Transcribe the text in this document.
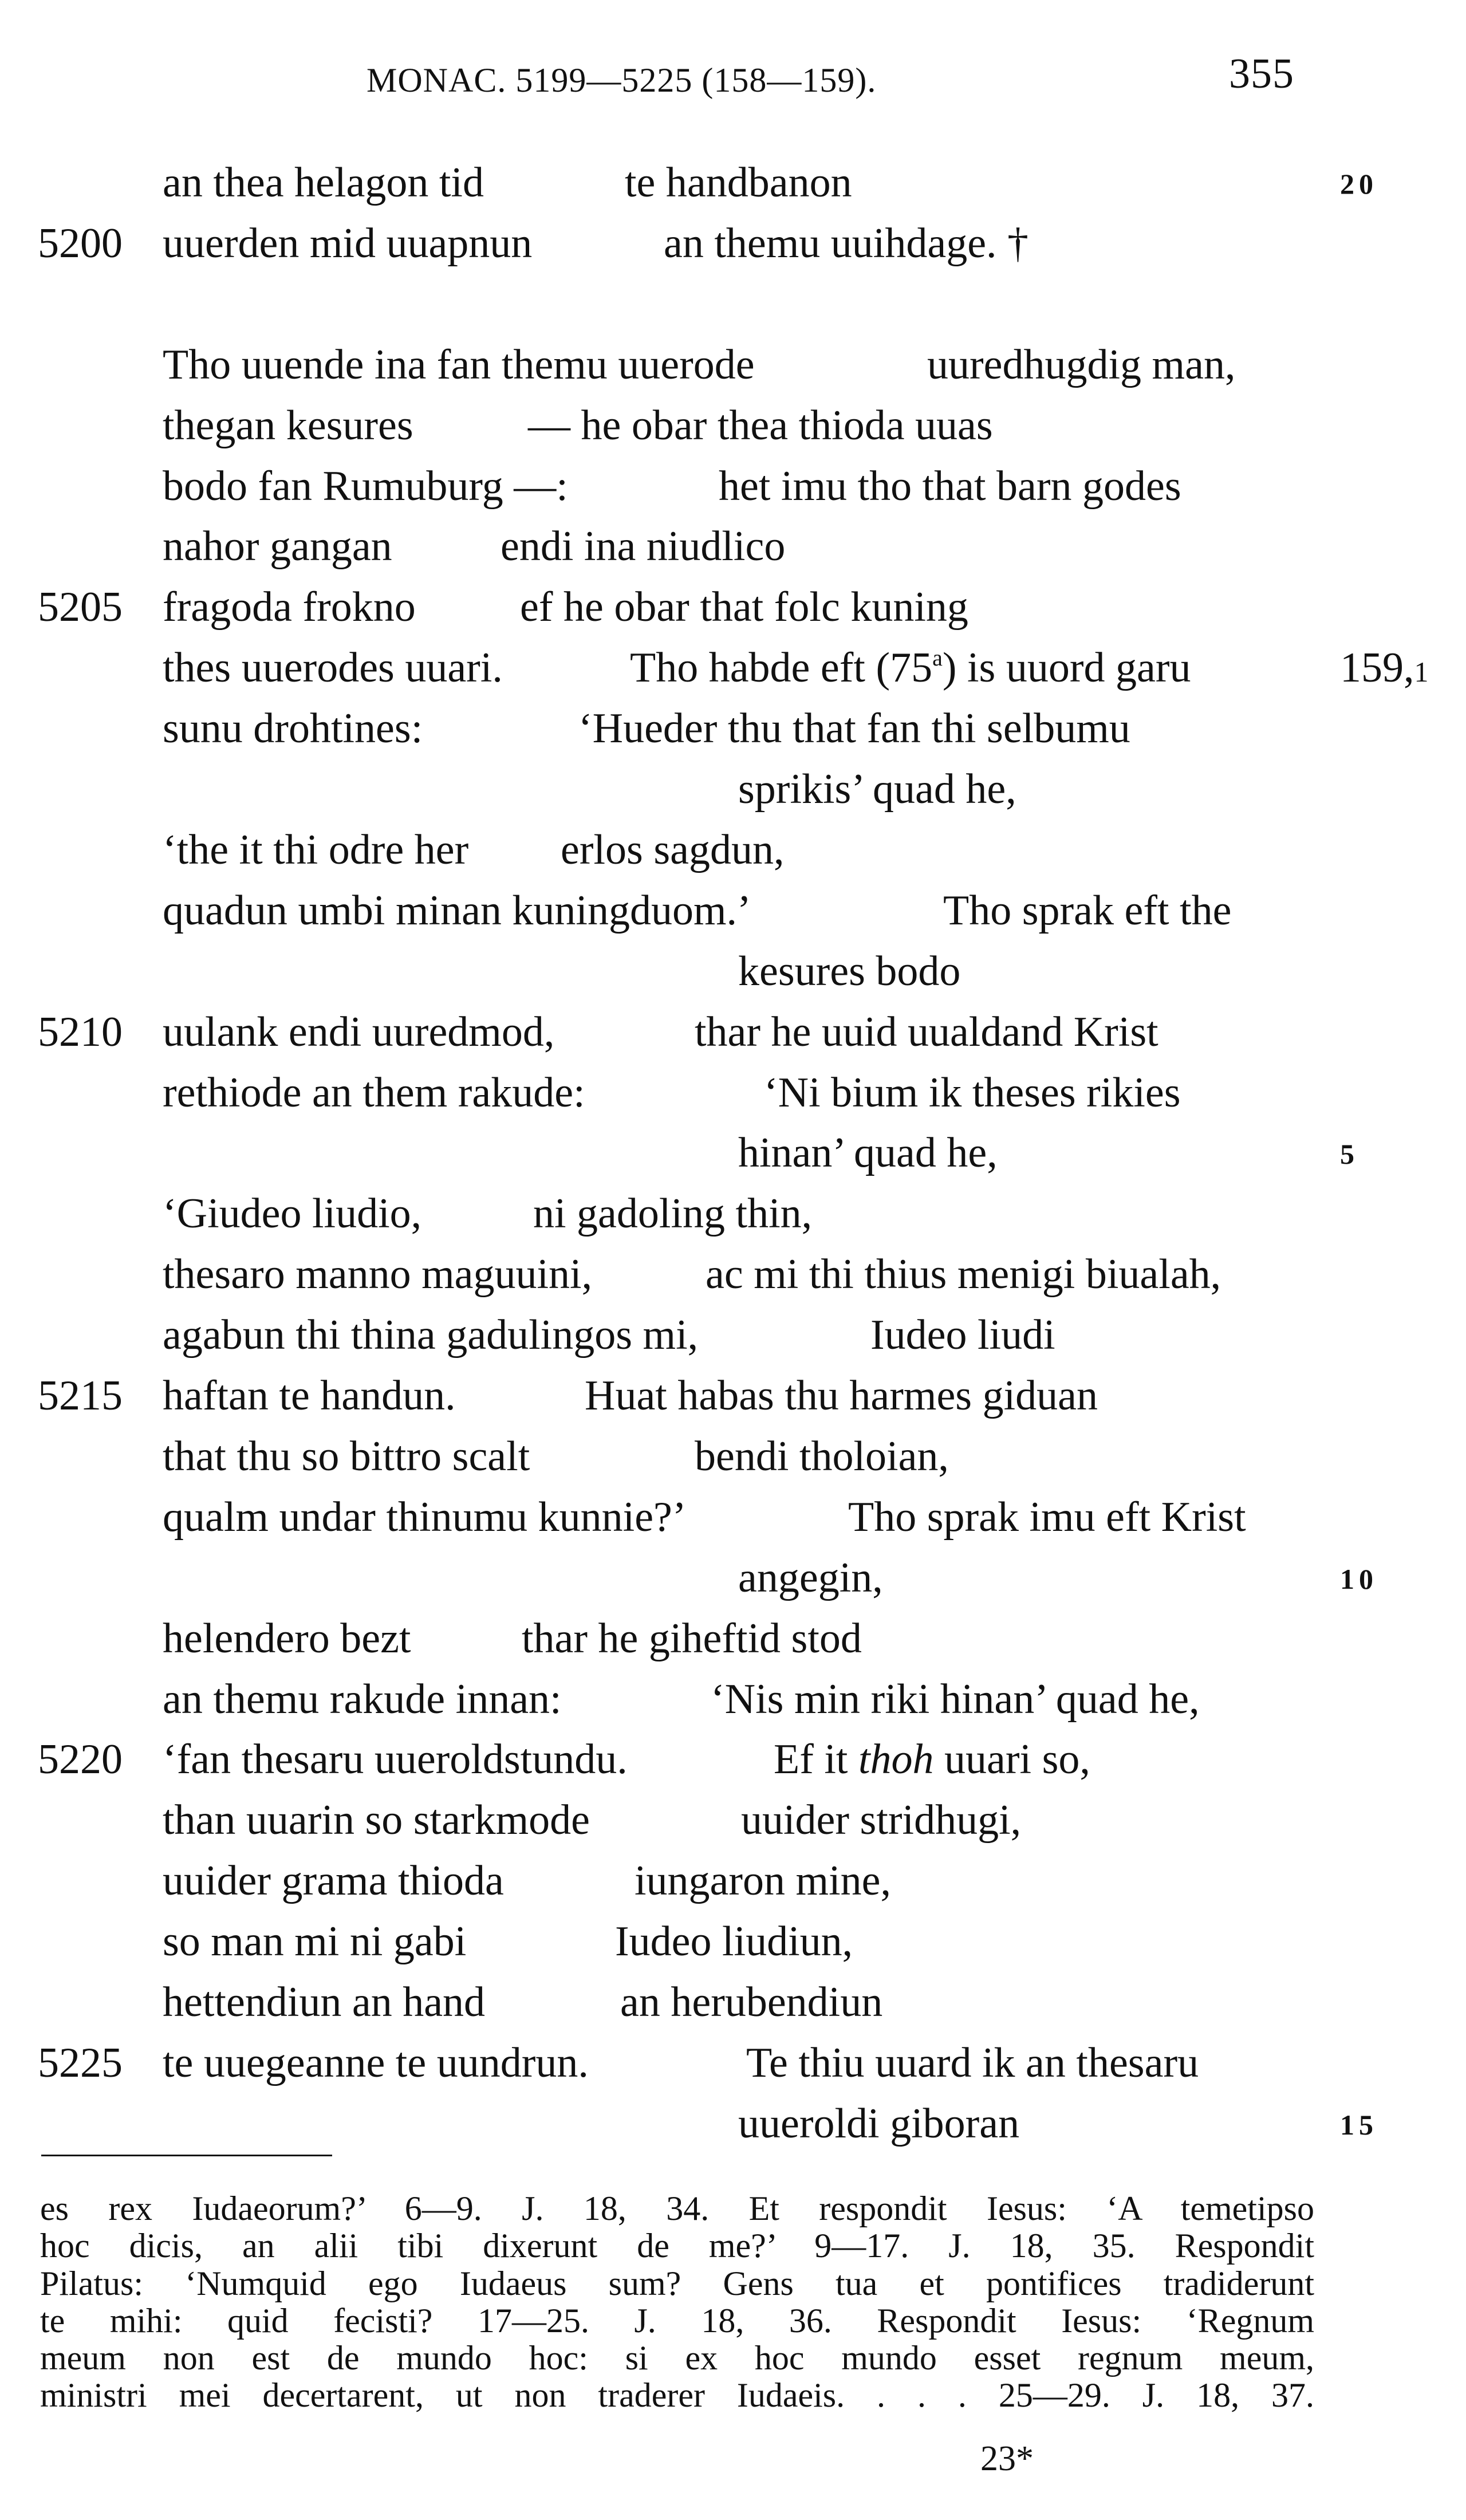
MONAC. 5199—5225 (158—159).	355
an thea helagon tid	te handbanon	20
5200 uuerden mid uuapnun	an themu uuihdage. †
Tho uuende ina fan themu uuerode	uuredhugdig man,
thegan kesures	— he obar thea thioda uuas
bodo fan Rumuburg —:	het imu tho that barn godes
nahor gangan	endi ina niudlico
5205 fragoda frokno ef he obar that folc kuning
thes uuerodes uuari.	Tho habde eft (75$^a$) is uuord garu	159,1
sunu drohtines:	‘Hueder thu that fan thi selbumu
sprikis’ quad he,
‘the it thi odre her erlos sagdun,
quadun umbi minan kuningduom.’	Tho sprak eft the
kesures bodo
5210 uulank endi uuredmod,	thar he uuid uualdand Krist
rethiode an them rakude:	‘Ni bium ik theses rikies
hinan’ quad he,	5
‘Giudeo liudio,	ni gadoling thin,
thesaro manno maguuini,	ac mi thi thius menigi biualah,
agabun thi thina gadulingos mi,	Iudeo liudi
5215 haftan te handun.	Huat habas thu harmes giduan
that thu so bittro scalt	bendi tholoian,
qualm undar thinumu kunnie?’	Tho sprak imu eft Krist
angegin,	10
helendero bezt	thar he giheftid stod
an themu rakude innan:	‘Nis min riki hinan’ quad he,
5220 ‘fan thesaru uueroldstundu.	Ef it thoh uuari so,
than uuarin so starkmode	uuider stridhugi,
uuider grama thioda	iungaron mine,
so man mi ni gabi	Iudeo liudiun,
hettendiun an hand	an herubendiun
5225 te uuegeanne te uundrun.	Te thiu uuard ik an thesaru
uueroldi giboran	15
es rex Iudaeorum?’ 6—9. J. 18, 34. Et respondit Iesus: ‘A temetipso
hoc dicis, an alii tibi dixerunt de me?’ 9—17. J. 18, 35. Respondit
Pilatus: ‘Numquid ego Iudaeus sum? Gens tua et pontifices tradiderunt
te mihi: quid fecisti? 17—25. J. 18, 36. Respondit Iesus: ‘Regnum
meum non est de mundo hoc: si ex hoc mundo esset regnum meum,
ministri mei decertarent, ut non traderer Iudaeis. . . . 25—29. J. 18, 37.
23*
